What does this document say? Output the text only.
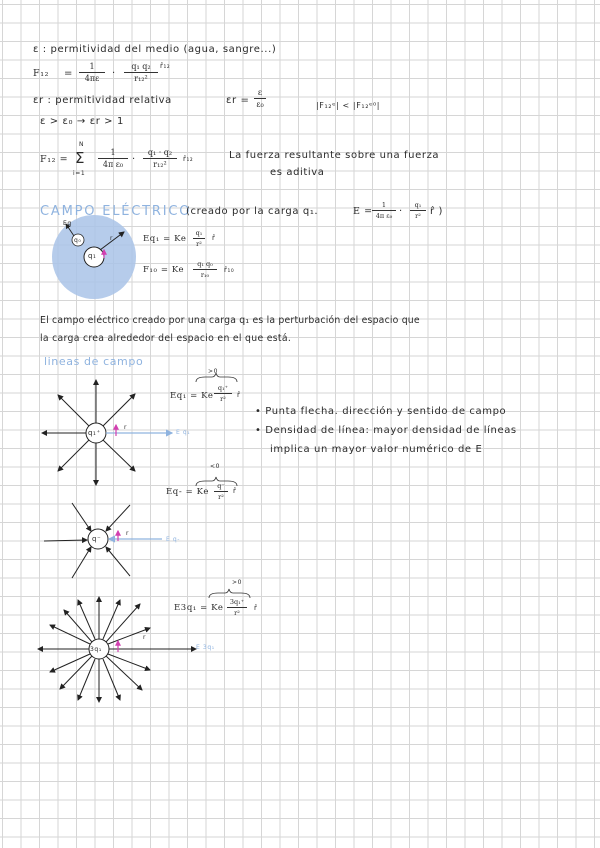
ε : permitividad del medio (agua, sangre...)
F₁₂ =
1
4πε ·
q₁ q₂
r₁₂²
r̂₁₂
εr : permitividad relativa	εr =
ε
ε₀	|F₁₂ᵉ| < |F₁₂ᵉ⁰|
ε > ε₀ → εr > 1
F₁₂ =
N
Σ
i=1
1
4π ε₀ ·
q₁ · q₂
r₁₂²
r̂₁₂	La fuerza resultante sobre una fuerza
es aditiva
CAMPO ELÉCTRICO
(creado por la carga q₁.	E =
1
4π ε₀ ·
q₁
r² r̂ )
q₁
q₀
Eq
r	Eq₁ = Ke
q₁
r²
r̂
F₁₀ = Ke
q₁ q₀
r₁₀
r̂₁₀
El campo eléctrico creado por una carga q₁ es la perturbación del espacio que
la carga crea alrededor del espacio en el que está.
lineas de campo
q₁⁺	E q₁
r
>0
Eq₁ = Ke
q₁⁺
r² r̂
• Punta flecha. dirección y sentido de campo
• Densidad de línea: mayor densidad de líneas
implica un mayor valor numérico de E
q⁻	E q-
r
<0
Eq- = Ke
q⁻
r²
r̂
3q₁	E 3q₁
r
>0
E3q₁ = Ke
3q₁⁺
r²
r̂
